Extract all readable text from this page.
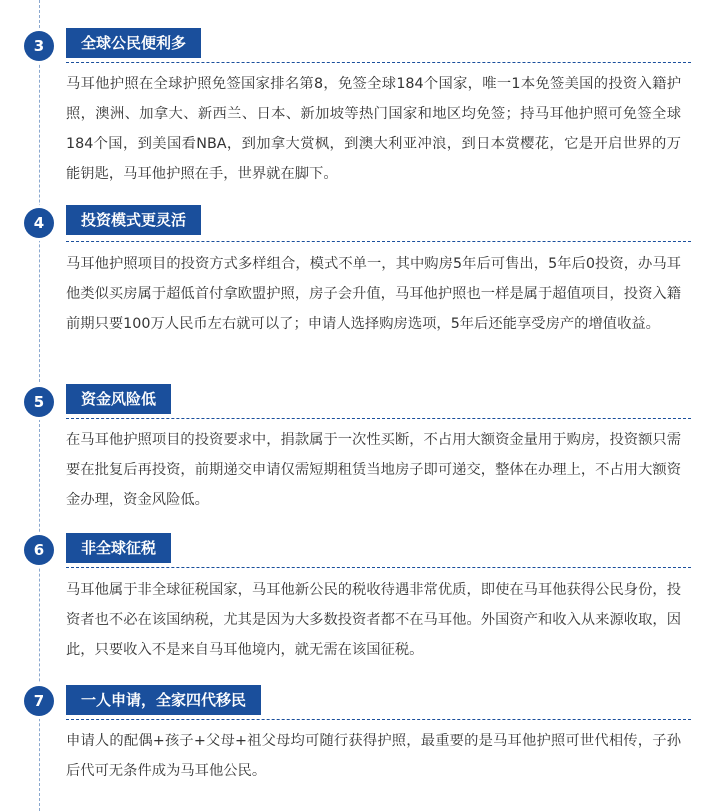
3	全球公民便利多
马耳他护照在全球护照免签国家排名第8，免签全球184个国家，唯一1本免签美国的投资入籍护照，澳洲、加拿大、新西兰、日本、新加坡等热门国家和地区均免签；持马耳他护照可免签全球184个国，到美国看NBA，到加拿大赏枫，到澳大利亚冲浪，到日本赏樱花，它是开启世界的万能钥匙，马耳他护照在手，世界就在脚下。
4	投资模式更灵活
马耳他护照项目的投资方式多样组合，模式不单一，其中购房5年后可售出，5年后0投资，办马耳他类似买房属于超低首付拿欧盟护照，房子会升值，马耳他护照也一样是属于超值项目，投资入籍前期只要100万人民币左右就可以了；申请人选择购房选项，5年后还能享受房产的增值收益。
5	资金风险低
在马耳他护照项目的投资要求中，捐款属于一次性买断，不占用大额资金量用于购房，投资额只需要在批复后再投资，前期递交申请仅需短期租赁当地房子即可递交，整体在办理上，不占用大额资金办理，资金风险低。
6	非全球征税
马耳他属于非全球征税国家，马耳他新公民的税收待遇非常优质，即使在马耳他获得公民身份，投资者也不必在该国纳税，尤其是因为大多数投资者都不在马耳他。外国资产和收入从来源收取，因此，只要收入不是来自马耳他境内，就无需在该国征税。
7	一人申请，全家四代移民
申请人的配偶+孩子+父母+祖父母均可随行获得护照，最重要的是马耳他护照可世代相传，子孙后代可无条件成为马耳他公民。
